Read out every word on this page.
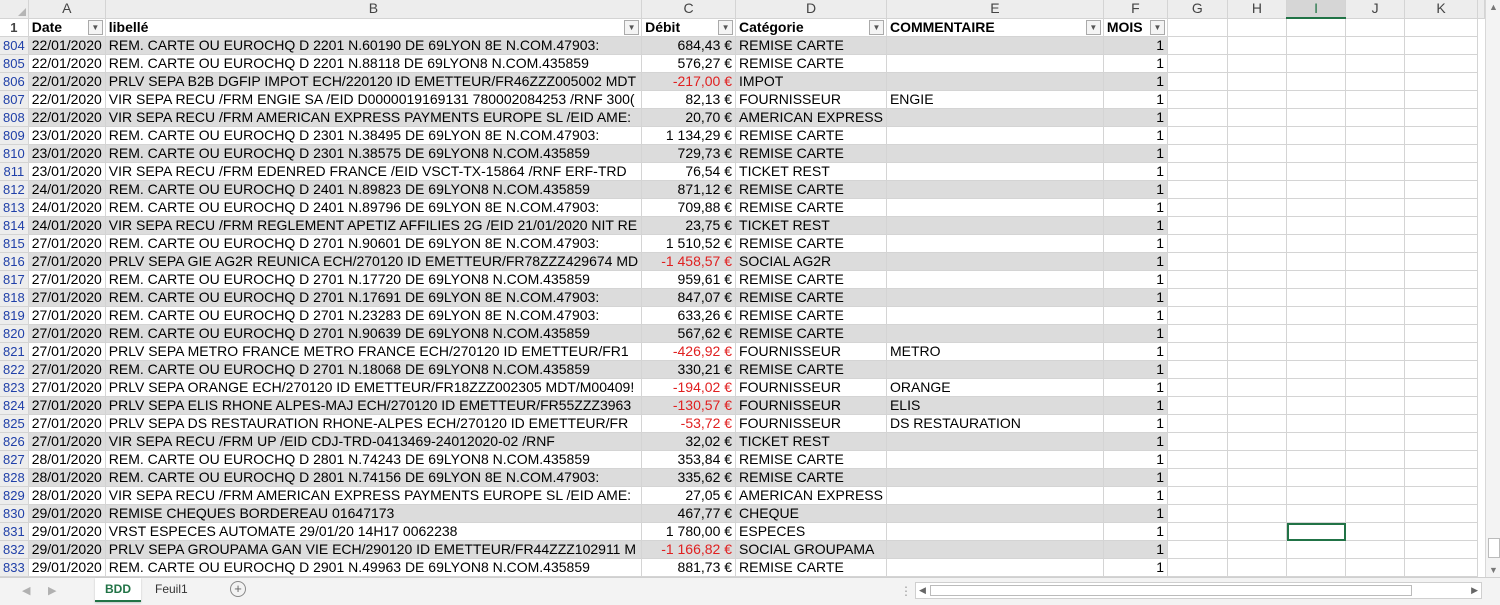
	A	B	C	D	E	F	G	H	I	J	K	
1	Date ▼	libellé ▼	Débit ▼	Catégorie ▼	COMMENTAIRE ▼	MOIS ▼						

804	22/01/2020	REM. CARTE OU EUROCHQ D 2201 N.60190 DE 69LYON 8E N.COM.47903:	684,43 €	REMISE CARTE		1						
805	22/01/2020	REM. CARTE OU EUROCHQ D 2201 N.88118 DE 69LYON8 N.COM.435859	576,27 €	REMISE CARTE		1						
806	22/01/2020	PRLV SEPA B2B DGFIP IMPOT ECH/220120 ID EMETTEUR/FR46ZZZ005002 MDT	-217,00 €	IMPOT		1						
807	22/01/2020	VIR SEPA RECU /FRM ENGIE SA /EID D0000019169131 780002084253 /RNF 300(	82,13 €	FOURNISSEUR	ENGIE	1						
808	22/01/2020	VIR SEPA RECU /FRM AMERICAN EXPRESS PAYMENTS EUROPE SL /EID AME:	20,70 €	AMERICAN EXPRESS		1						
809	23/01/2020	REM. CARTE OU EUROCHQ D 2301 N.38495 DE 69LYON 8E N.COM.47903:	1 134,29 €	REMISE CARTE		1						
810	23/01/2020	REM. CARTE OU EUROCHQ D 2301 N.38575 DE 69LYON8 N.COM.435859	729,73 €	REMISE CARTE		1						
811	23/01/2020	VIR SEPA RECU /FRM EDENRED FRANCE /EID VSCT-TX-15864 /RNF ERF-TRD	76,54 €	TICKET REST		1						
812	24/01/2020	REM. CARTE OU EUROCHQ D 2401 N.89823 DE 69LYON8 N.COM.435859	871,12 €	REMISE CARTE		1						
813	24/01/2020	REM. CARTE OU EUROCHQ D 2401 N.89796 DE 69LYON 8E N.COM.47903:	709,88 €	REMISE CARTE		1						
814	24/01/2020	VIR SEPA RECU /FRM REGLEMENT APETIZ AFFILIES 2G /EID 21/01/2020 NIT RE	23,75 €	TICKET REST		1						
815	27/01/2020	REM. CARTE OU EUROCHQ D 2701 N.90601 DE 69LYON 8E N.COM.47903:	1 510,52 €	REMISE CARTE		1						
816	27/01/2020	PRLV SEPA GIE AG2R REUNICA ECH/270120 ID EMETTEUR/FR78ZZZ429674 MD	-1 458,57 €	SOCIAL AG2R		1						
817	27/01/2020	REM. CARTE OU EUROCHQ D 2701 N.17720 DE 69LYON8 N.COM.435859	959,61 €	REMISE CARTE		1						
818	27/01/2020	REM. CARTE OU EUROCHQ D 2701 N.17691 DE 69LYON 8E N.COM.47903:	847,07 €	REMISE CARTE		1						
819	27/01/2020	REM. CARTE OU EUROCHQ D 2701 N.23283 DE 69LYON 8E N.COM.47903:	633,26 €	REMISE CARTE		1						
820	27/01/2020	REM. CARTE OU EUROCHQ D 2701 N.90639 DE 69LYON8 N.COM.435859	567,62 €	REMISE CARTE		1						
821	27/01/2020	PRLV SEPA METRO FRANCE METRO FRANCE ECH/270120 ID EMETTEUR/FR1	-426,92 €	FOURNISSEUR	METRO	1						
822	27/01/2020	REM. CARTE OU EUROCHQ D 2701 N.18068 DE 69LYON8 N.COM.435859	330,21 €	REMISE CARTE		1						
823	27/01/2020	PRLV SEPA ORANGE ECH/270120 ID EMETTEUR/FR18ZZZ002305 MDT/M00409!	-194,02 €	FOURNISSEUR	ORANGE	1						
824	27/01/2020	PRLV SEPA ELIS RHONE ALPES-MAJ ECH/270120 ID EMETTEUR/FR55ZZZ3963	-130,57 €	FOURNISSEUR	ELIS	1						
825	27/01/2020	PRLV SEPA DS RESTAURATION RHONE-ALPES ECH/270120 ID EMETTEUR/FR	-53,72 €	FOURNISSEUR	DS RESTAURATION	1						
826	27/01/2020	VIR SEPA RECU /FRM UP /EID CDJ-TRD-0413469-24012020-02 /RNF	32,02 €	TICKET REST		1						
827	28/01/2020	REM. CARTE OU EUROCHQ D 2801 N.74243 DE 69LYON8 N.COM.435859	353,84 €	REMISE CARTE		1						
828	28/01/2020	REM. CARTE OU EUROCHQ D 2801 N.74156 DE 69LYON 8E N.COM.47903:	335,62 €	REMISE CARTE		1						
829	28/01/2020	VIR SEPA RECU /FRM AMERICAN EXPRESS PAYMENTS EUROPE SL /EID AME:	27,05 €	AMERICAN EXPRESS		1						
830	29/01/2020	REMISE CHEQUES BORDEREAU 01647173	467,77 €	CHEQUE		1						
831	29/01/2020	VRST ESPECES AUTOMATE 29/01/20 14H17 0062238	1 780,00 €	ESPECES		1						
832	29/01/2020	PRLV SEPA GROUPAMA GAN VIE ECH/290120 ID EMETTEUR/FR44ZZZ102911 M	-1 166,82 €	SOCIAL GROUPAMA		1						
833	29/01/2020	REM. CARTE OU EUROCHQ D 2901 N.49963 DE 69LYON8 N.COM.435859	881,73 €	REMISE CARTE		1						
▲
▼
◀ ▶	BDD	Feuil1	+	⋮ ◀	▶
